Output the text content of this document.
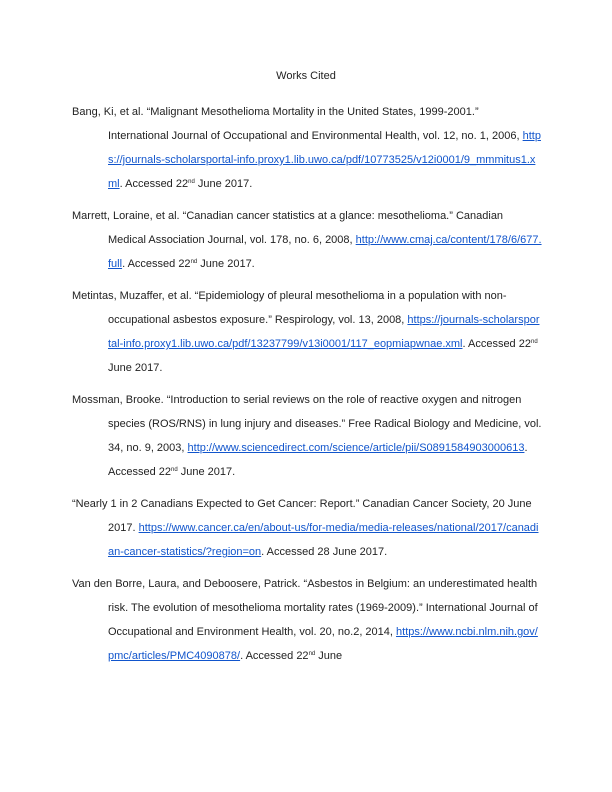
Works Cited

Bang, Ki, et al. “Malignant Mesothelioma Mortality in the United States, 1999-2001.” International Journal of Occupational and Environmental Health, vol. 12, no. 1, 2006, https://journals-scholarsportal-info.proxy1.lib.uwo.ca/pdf/10773525/v12i0001/9_mmmitus1.xml. Accessed 22nd June 2017.

Marrett, Loraine, et al. “Canadian cancer statistics at a glance: mesothelioma.” Canadian Medical Association Journal, vol. 178, no. 6, 2008, http://www.cmaj.ca/content/178/6/677.full. Accessed 22nd June 2017.

Metintas, Muzaffer, et al. “Epidemiology of pleural mesothelioma in a population with non-occupational asbestos exposure.” Respirology, vol. 13, 2008, https://journals-scholarsportal-info.proxy1.lib.uwo.ca/pdf/13237799/v13i0001/117_eopmiapwnae.xml. Accessed 22nd June 2017.

Mossman, Brooke. “Introduction to serial reviews on the role of reactive oxygen and nitrogen species (ROS/RNS) in lung injury and diseases.” Free Radical Biology and Medicine, vol. 34, no. 9, 2003, http://www.sciencedirect.com/science/article/pii/S0891584903000613. Accessed 22nd June 2017.

“Nearly 1 in 2 Canadians Expected to Get Cancer: Report.” Canadian Cancer Society, 20 June 2017. https://www.cancer.ca/en/about-us/for-media/media-releases/national/2017/canadian-cancer-statistics/?region=on. Accessed 28 June 2017.

Van den Borre, Laura, and Deboosere, Patrick. “Asbestos in Belgium: an underestimated health risk. The evolution of mesothelioma mortality rates (1969-2009).” International Journal of Occupational and Environment Health, vol. 20, no.2, 2014, https://www.ncbi.nlm.nih.gov/pmc/articles/PMC4090878/. Accessed 22nd June
